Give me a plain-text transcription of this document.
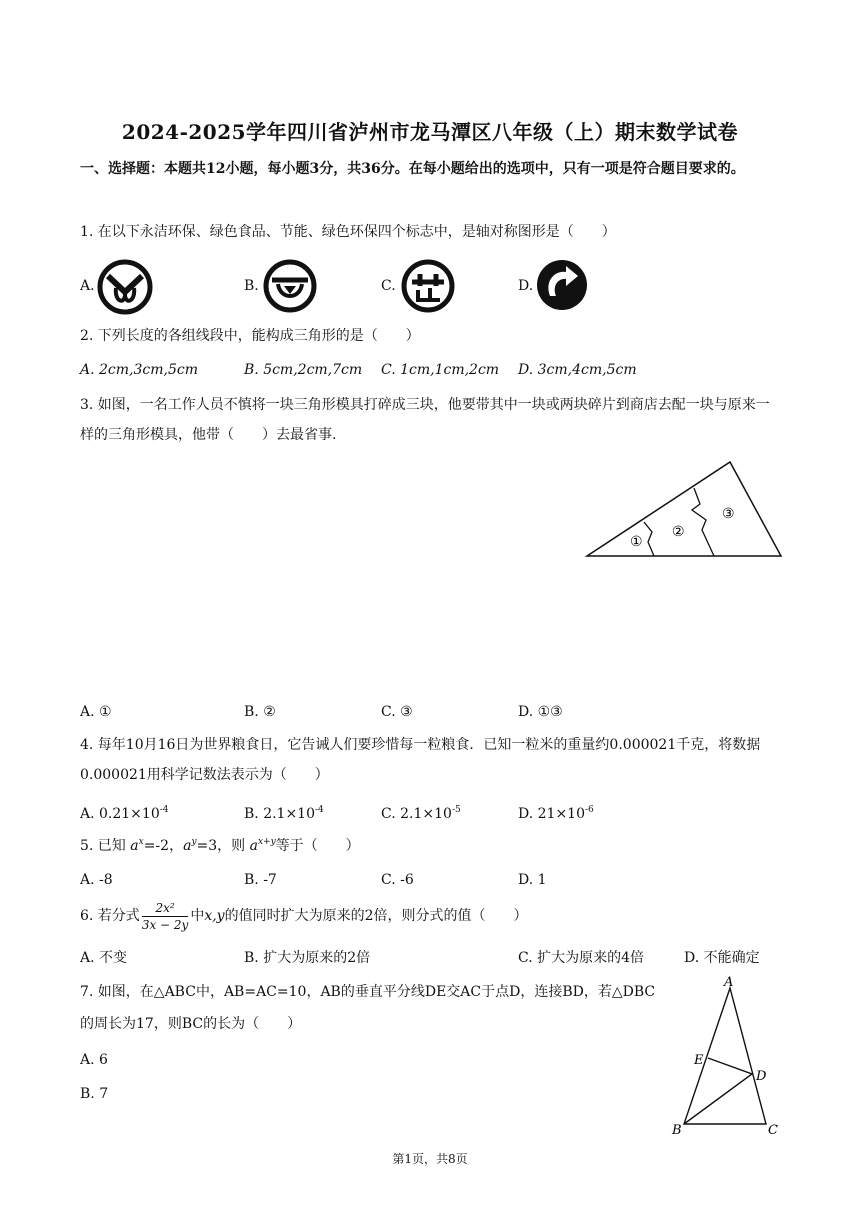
2024-2025学年四川省泸州市龙马潭区八年级（上）期末数学试卷
一、选择题：本题共12小题，每小题3分，共36分。在每小题给出的选项中，只有一项是符合题目要求的。
1. 在以下永洁环保、绿色食品、节能、绿色环保四个标志中，是轴对称图形是（　　）
A.	B.	C.	D.
2. 下列长度的各组线段中，能构成三角形的是（　　）
A. 2cm,3cm,5cm	B. 5cm,2cm,7cm C. 1cm,1cm,2cm D. 3cm,4cm,5cm
3. 如图，一名工作人员不慎将一块三角形模具打碎成三块，他要带其中一块或两块碎片到商店去配一块与原来一样的三角形模具，他带（　　）去最省事.
①
②
③
A. ①	B. ②	C. ③	D. ①③
4. 每年10月16日为世界粮食日，它告诫人们要珍惜每一粒粮食．已知一粒米的重量约0.000021千克，将数据0.000021用科学记数法表示为（　　）
A. $0.21\times 10^{-4}$	B. $2.1\times 10^{-4}$	C. $2.1\times 10^{-5}$	D. $21\times 10^{-6}$
5. 已知 $a^x=-2$，$a^y=3$，则 $a^{x+y}$等于（　　）
A. -8	B. -7	C. -6	D. 1
6. 若分式 $\frac{\text{2x²}}{3x - 2y}$ 中x,y的值同时扩大为原来的2倍，则分式的值（　　）
A. 不变	B. 扩大为原来的2倍	C. 扩大为原来的4倍	D. 不能确定
7. 如图，在△ABC中，AB=AC=10，AB的垂直平分线DE交AC于点D，连接BD，若△DBC
的周长为17，则BC的长为（　　）
A. 6
B. 7
A
E
D
B	C
第1页，共8页
